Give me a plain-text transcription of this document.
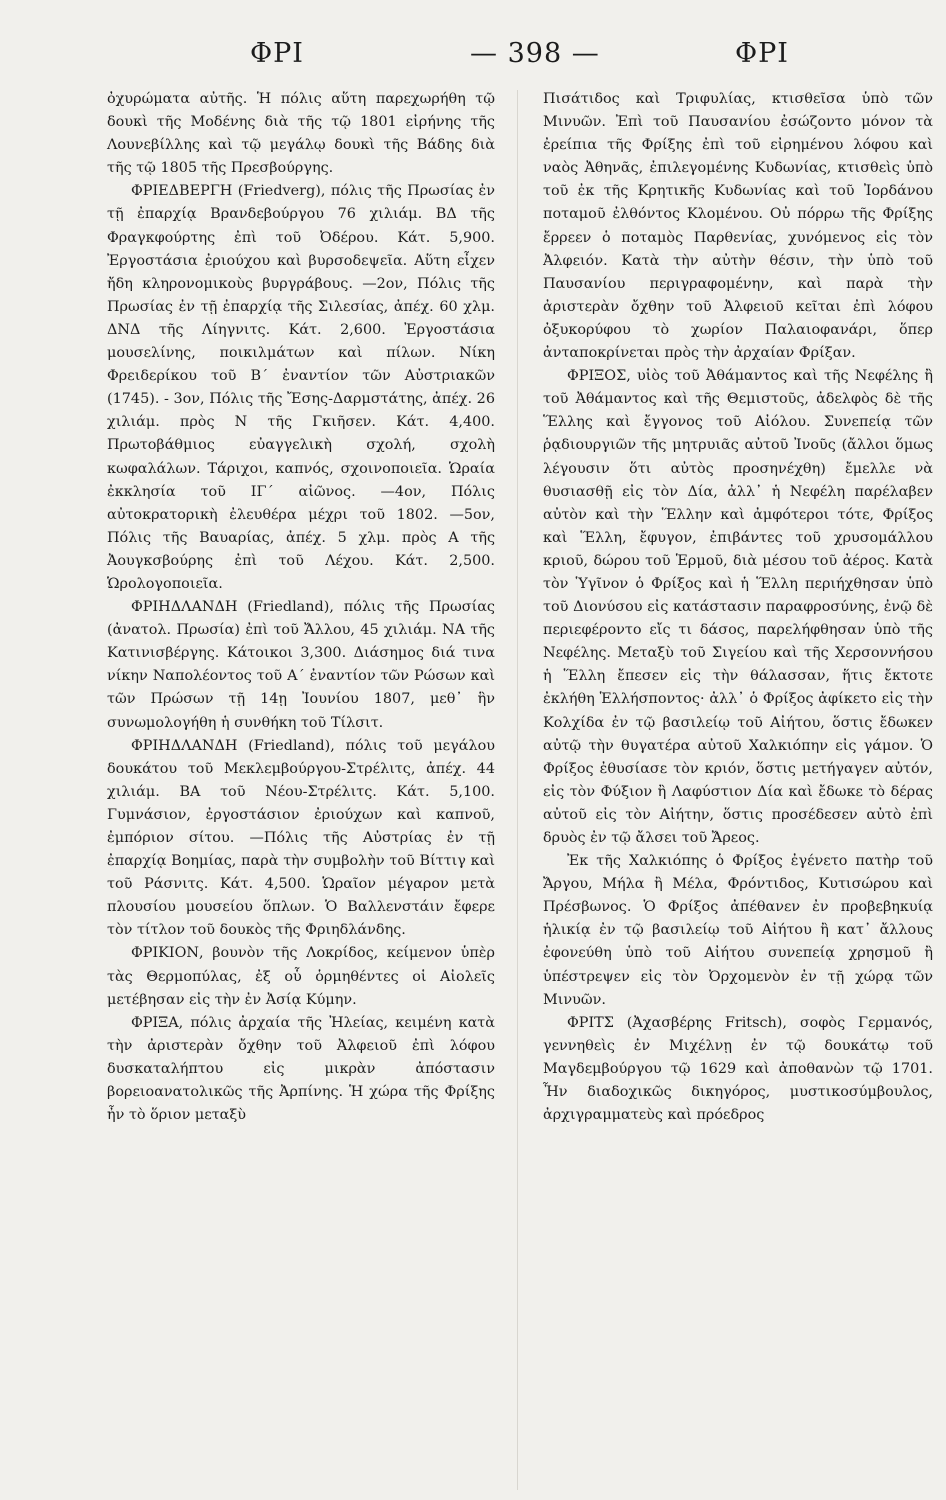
ΦΡΙ	— 398 —	ΦΡΙ

ὀχυρώματα αὐτῆς. Ἡ πόλις αὕτη παρεχωρήθη τῷ δουκὶ τῆς Μοδένης διὰ τῆς τῷ 1801 εἰρήνης τῆς Λουνεβίλλης καὶ τῷ μεγάλῳ δουκὶ τῆς Βάδης διὰ τῆς τῷ 1805 τῆς Πρεσβούργης.

ΦΡΙΕΔΒΕΡΓΗ (Friedverg), πόλις τῆς Πρωσίας ἐν τῇ ἐπαρχίᾳ Βρανδεβούργου 76 χιλιάμ. ΒΔ τῆς Φραγκφούρτης ἐπὶ τοῦ Ὀδέρου. Κάτ. 5,900. Ἐργοστάσια ἐριούχου καὶ βυρσοδεψεῖα. Αὕτη εἶχεν ἤδη κληρονομικοὺς βυργράβους. —2ον, Πόλις τῆς Πρωσίας ἐν τῇ ἐπαρχίᾳ τῆς Σιλεσίας, ἀπέχ. 60 χλμ. ΔΝΔ τῆς Λίηγνιτς. Κάτ. 2,600. Ἐργοστάσια μουσελίνης, ποικιλμάτων καὶ πίλων. Νίκη Φρειδερίκου τοῦ Β΄ ἐναντίον τῶν Αὐστριακῶν (1745). - 3ον, Πόλις τῆς Ἔσης-Δαρμστάτης, ἀπέχ. 26 χιλιάμ. πρὸς Ν τῆς Γκιῆσεν. Κάτ. 4,400. Πρωτοβάθμιος εὐαγγελικὴ σχολή, σχολὴ κωφαλάλων. Τάριχοι, καπνός, σχοινοποιεῖα. Ὡραία ἐκκλησία τοῦ ΙΓ΄ αἰῶνος. —4ον, Πόλις αὐτοκρατορικὴ ἐλευθέρα μέχρι τοῦ 1802. —5ον, Πόλις τῆς Βαυαρίας, ἀπέχ. 5 χλμ. πρὸς Α τῆς Ἀουγκσβούρης ἐπὶ τοῦ Λέχου. Κάτ. 2,500. Ὡρολογοποιεῖα.

ΦΡΙΗΔΛΑΝΔΗ (Friedland), πόλις τῆς Πρωσίας (ἀνατολ. Πρωσία) ἐπὶ τοῦ Ἄλλου, 45 χιλιάμ. ΝΑ τῆς Κατινισβέργης. Κάτοικοι 3,300. Διάσημος διά τινα νίκην Ναπολέοντος τοῦ Α΄ ἐναντίον τῶν Ρώσων καὶ τῶν Πρώσων τῇ 14ῃ Ἰουνίου 1807, μεθ᾽ ἣν συνωμολογήθη ἡ συνθήκη τοῦ Τίλσιτ.

ΦΡΙΗΔΛΑΝΔΗ (Friedland), πόλις τοῦ μεγάλου δουκάτου τοῦ Μεκλεμβούργου-Στρέλιτς, ἀπέχ. 44 χιλιάμ. ΒΑ τοῦ Νέου-Στρέλιτς. Κάτ. 5,100. Γυμνάσιον, ἐργοστάσιον ἐριούχων καὶ καπνοῦ, ἐμπόριον σίτου. —Πόλις τῆς Αὐστρίας ἐν τῇ ἐπαρχίᾳ Βοημίας, παρὰ τὴν συμβολὴν τοῦ Βίττιγ καὶ τοῦ Ράσνιτς. Κάτ. 4,500. Ὡραῖον μέγαρον μετὰ πλουσίου μουσείου ὅπλων. Ὁ Βαλλενστάιν ἔφερε τὸν τίτλον τοῦ δουκὸς τῆς Φριηδλάνδης.

ΦΡΙΚΙΟΝ, βουνὸν τῆς Λοκρίδος, κείμενον ὑπὲρ τὰς Θερμοπύλας, ἐξ οὗ ὁρμηθέντες οἱ Αἰολεῖς μετέβησαν εἰς τὴν ἐν Ἀσίᾳ Κύμην.

ΦΡΙΞΑ, πόλις ἀρχαία τῆς Ἠλείας, κειμένη κατὰ τὴν ἀριστερὰν ὄχθην τοῦ Ἀλφειοῦ ἐπὶ λόφου δυσκαταλήπτου εἰς μικρὰν ἀπόστασιν βορειοανατολικῶς τῆς Ἀρπίνης. Ἡ χώρα τῆς Φρίξης ἦν τὸ ὅριον μεταξὺ

Πισάτιδος καὶ Τριφυλίας, κτισθεῖσα ὑπὸ τῶν Μινυῶν. Ἐπὶ τοῦ Παυσανίου ἐσώζοντο μόνον τὰ ἐρείπια τῆς Φρίξης ἐπὶ τοῦ εἰρημένου λόφου καὶ ναὸς Ἀθηνᾶς, ἐπιλεγομένης Κυδωνίας, κτισθεὶς ὑπὸ τοῦ ἐκ τῆς Κρητικῆς Κυδωνίας καὶ τοῦ Ἰορδάνου ποταμοῦ ἐλθόντος Κλομένου. Οὐ πόρρω τῆς Φρίξης ἔρρεεν ὁ ποταμὸς Παρθενίας, χυνόμενος εἰς τὸν Ἀλφειόν. Κατὰ τὴν αὐτὴν θέσιν, τὴν ὑπὸ τοῦ Παυσανίου περιγραφομένην, καὶ παρὰ τὴν ἀριστερὰν ὄχθην τοῦ Ἀλφειοῦ κεῖται ἐπὶ λόφου ὀξυκορύφου τὸ χωρίον Παλαιοφανάρι, ὅπερ ἀνταποκρίνεται πρὸς τὴν ἀρχαίαν Φρίξαν.

ΦΡΙΞΟΣ, υἱὸς τοῦ Ἀθάμαντος καὶ τῆς Νεφέλης ἢ τοῦ Ἀθάμαντος καὶ τῆς Θεμιστοῦς, ἀδελφὸς δὲ τῆς Ἕλλης καὶ ἔγγονος τοῦ Αἰόλου. Συνεπείᾳ τῶν ῥᾳδιουργιῶν τῆς μητρυιᾶς αὐτοῦ Ἰνοῦς (ἄλλοι ὅμως λέγουσιν ὅτι αὐτὸς προσηνέχθη) ἔμελλε νὰ θυσιασθῇ εἰς τὸν Δία, ἀλλ᾽ ἡ Νεφέλη παρέλαβεν αὐτὸν καὶ τὴν Ἕλλην καὶ ἀμφότεροι τότε, Φρίξος καὶ Ἕλλη, ἔφυγον, ἐπιβάντες τοῦ χρυσομάλλου κριοῦ, δώρου τοῦ Ἑρμοῦ, διὰ μέσου τοῦ ἀέρος. Κατὰ τὸν Ὑγῖνον ὁ Φρίξος καὶ ἡ Ἕλλη περιήχθησαν ὑπὸ τοῦ Διονύσου εἰς κατάστασιν παραφροσύνης, ἐνῷ δὲ περιεφέροντο εἴς τι δάσος, παρελήφθησαν ὑπὸ τῆς Νεφέλης. Μεταξὺ τοῦ Σιγείου καὶ τῆς Χερσοννήσου ἡ Ἕλλη ἔπεσεν εἰς τὴν θάλασσαν, ἥτις ἔκτοτε ἐκλήθη Ἑλλήσποντος· ἀλλ᾽ ὁ Φρίξος ἀφίκετο εἰς τὴν Κολχίδα ἐν τῷ βασιλείῳ τοῦ Αἰήτου, ὅστις ἔδωκεν αὐτῷ τὴν θυγατέρα αὐτοῦ Χαλκιόπην εἰς γάμον. Ὁ Φρίξος ἐθυσίασε τὸν κριόν, ὅστις μετήγαγεν αὐτόν, εἰς τὸν Φύξιον ἢ Λαφύστιον Δία καὶ ἔδωκε τὸ δέρας αὐτοῦ εἰς τὸν Αἰήτην, ὅστις προσέδεσεν αὐτὸ ἐπὶ δρυὸς ἐν τῷ ἄλσει τοῦ Ἄρεος.

Ἐκ τῆς Χαλκιόπης ὁ Φρίξος ἐγένετο πατὴρ τοῦ Ἄργου, Μήλα ἢ Μέλα, Φρόντιδος, Κυτισώρου καὶ Πρέσβωνος. Ὁ Φρίξος ἀπέθανεν ἐν προβεβηκυίᾳ ἡλικίᾳ ἐν τῷ βασιλείῳ τοῦ Αἰήτου ἢ κατ᾽ ἄλλους ἐφονεύθη ὑπὸ τοῦ Αἰήτου συνεπείᾳ χρησμοῦ ἢ ὑπέστρεψεν εἰς τὸν Ὀρχομενὸν ἐν τῇ χώρᾳ τῶν Μινυῶν.

ΦΡΙΤΣ (Ἀχασβέρης Fritsch), σοφὸς Γερμανός, γεννηθεὶς ἐν Μιχέλνῃ ἐν τῷ δουκάτῳ τοῦ Μαγδεμβούργου τῷ 1629 καὶ ἀποθανὼν τῷ 1701. Ἦν διαδοχικῶς δικηγόρος, μυστικοσύμβουλος, ἀρχιγραμματεὺς καὶ πρόεδρος
